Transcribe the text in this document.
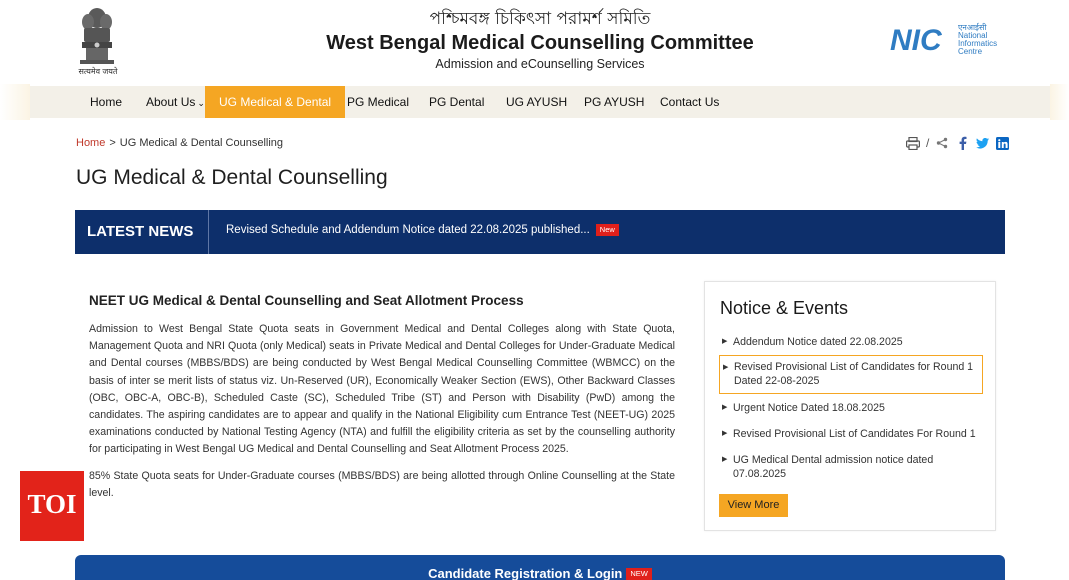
सत्यमेव जयते
পশ্চিমবঙ্গ চিকিৎসা পরামর্শ সমিতি
West Bengal Medical Counselling Committee
Admission and eCounselling Services
NIC एनआईसी
National
Informatics
Centre
Home	About Us ⌄	UG Medical & Dental	PG Medical	PG Dental	UG AYUSH	PG AYUSH	Contact Us
Home > UG Medical & Dental Counselling	/
UG Medical & Dental Counselling
LATEST NEWS	Revised Schedule and Addendum Notice dated 22.08.2025 published... New	❮ ❚❚ ❯
NEET UG Medical & Dental Counselling and Seat Allotment Process
Admission to West Bengal State Quota seats in Government Medical and Dental Colleges along with State Quota, Management Quota and NRI Quota (only Medical) seats in Private Medical and Dental Colleges for Under-Graduate Medical and Dental courses (MBBS/BDS) are being conducted by West Bengal Medical Counselling Committee (WBMCC) on the basis of inter se merit lists of status viz. Un-Reserved (UR), Economically Weaker Section (EWS), Other Backward Classes (OBC, OBC-A, OBC-B), Scheduled Caste (SC), Scheduled Tribe (ST) and Person with Disability (PwD) among the candidates. The aspiring candidates are to appear and qualify in the National Eligibility cum Entrance Test (NEET-UG) 2025 examinations conducted by National Testing Agency (NTA) and fulfill the eligibility criteria as set by the counselling authority for participating in West Bengal UG Medical and Dental Counselling and Seat Allotment Process 2025.
85% State Quota seats for Under-Graduate courses (MBBS/BDS) are being allotted through Online Counselling at the State level.
Notice & Events
▶ Addendum Notice dated 22.08.2025
▶ Revised Provisional List of Candidates for Round 1 Dated 22-08-2025
▶ Urgent Notice Dated 18.08.2025
▶ Revised Provisional List of Candidates For Round 1
▶ UG Medical Dental admission notice dated 07.08.2025
View More
Candidate Registration & Login NEW
TOI
